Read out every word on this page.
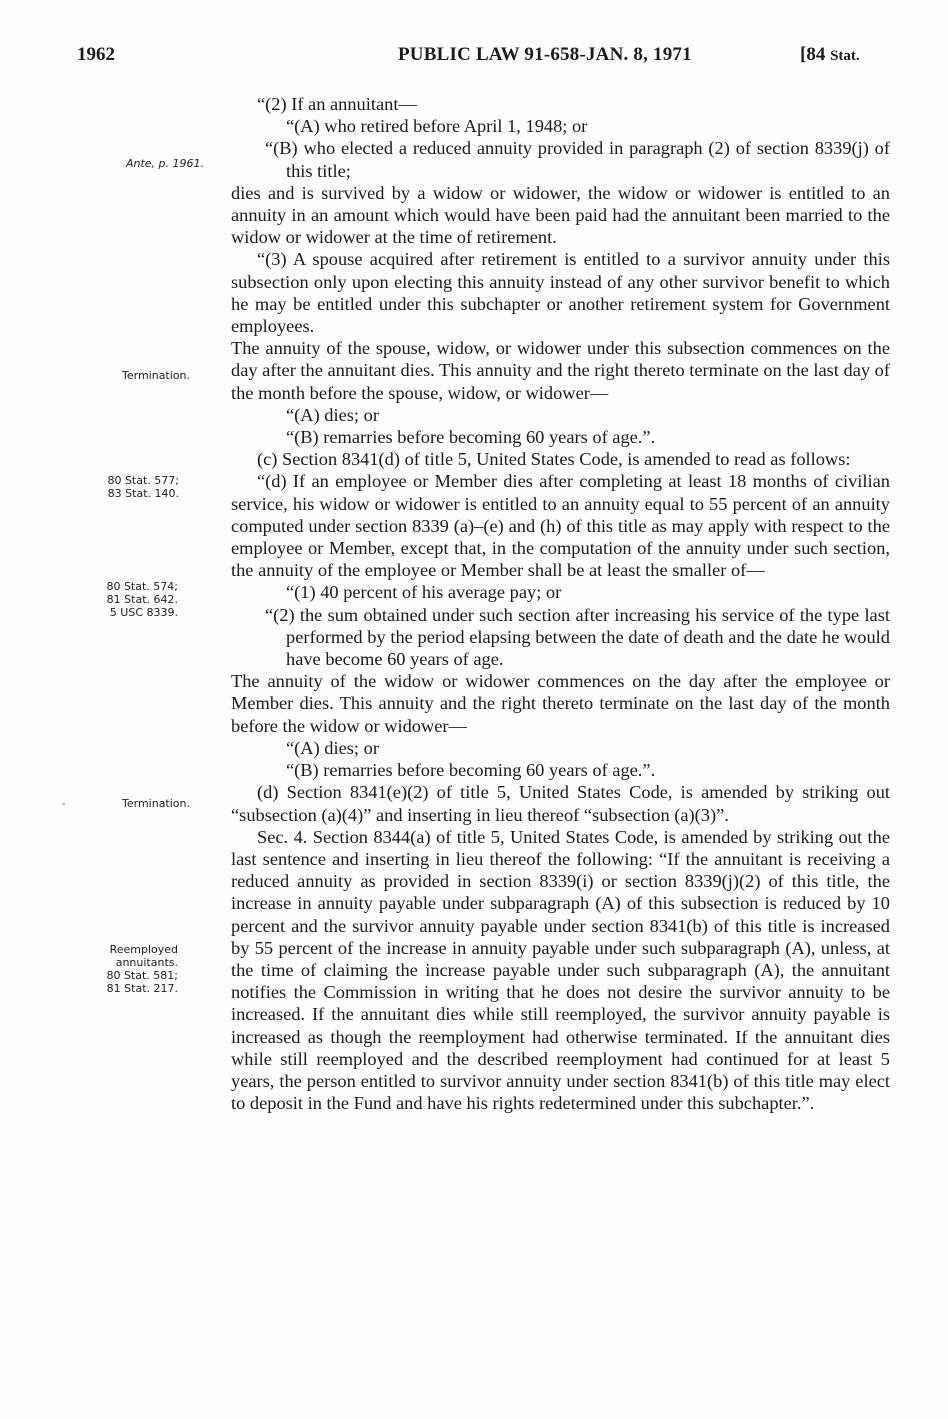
1962	PUBLIC LAW 91-658-JAN. 8, 1971	[84 Stat.
Ante, p. 1961.
Termination.
80 Stat. 577;
83 Stat. 140.
80 Stat. 574;
81 Stat. 642.
5 USC 8339.
-	Termination.
Reemployed
annuitants.
80 Stat. 581;
81 Stat. 217.

“(2) If an annuitant—

“(A) who retired before April 1, 1948; or

“(B) who elected a reduced annuity provided in paragraph (2) of section 8339(j) of this title;

dies and is survived by a widow or widower, the widow or widower is entitled to an annuity in an amount which would have been paid had the annuitant been married to the widow or widower at the time of retirement.

“(3) A spouse acquired after retirement is entitled to a survivor annuity under this subsection only upon electing this annuity instead of any other survivor benefit to which he may be entitled under this subchapter or another retirement system for Government employees.

The annuity of the spouse, widow, or widower under this subsection commences on the day after the annuitant dies. This annuity and the right thereto terminate on the last day of the month before the spouse, widow, or widower—

“(A) dies; or

“(B) remarries before becoming 60 years of age.”.

(c) Section 8341(d) of title 5, United States Code, is amended to read as follows:

“(d) If an employee or Member dies after completing at least 18 months of civilian service, his widow or widower is entitled to an annuity equal to 55 percent of an annuity computed under section 8339 (a)–(e) and (h) of this title as may apply with respect to the employee or Member, except that, in the computation of the annuity under such section, the annuity of the employee or Member shall be at least the smaller of—

“(1) 40 percent of his average pay; or

“(2) the sum obtained under such section after increasing his service of the type last performed by the period elapsing between the date of death and the date he would have become 60 years of age.

The annuity of the widow or widower commences on the day after the employee or Member dies. This annuity and the right thereto terminate on the last day of the month before the widow or widower—

“(A) dies; or

“(B) remarries before becoming 60 years of age.”.

(d) Section 8341(e)(2) of title 5, United States Code, is amended by striking out “subsection (a)(4)” and inserting in lieu thereof “subsection (a)(3)”.

Sec. 4. Section 8344(a) of title 5, United States Code, is amended by striking out the last sentence and inserting in lieu thereof the following: “If the annuitant is receiving a reduced annuity as provided in section 8339(i) or section 8339(j)(2) of this title, the increase in annuity payable under subparagraph (A) of this subsection is reduced by 10 percent and the survivor annuity payable under section 8341(b) of this title is increased by 55 percent of the increase in annuity payable under such subparagraph (A), unless, at the time of claiming the increase payable under such subparagraph (A), the annuitant notifies the Commission in writing that he does not desire the survivor annuity to be increased. If the annuitant dies while still reemployed, the survivor annuity payable is increased as though the reemployment had otherwise terminated. If the annuitant dies while still reemployed and the described reemployment had continued for at least 5 years, the person entitled to survivor annuity under section 8341(b) of this title may elect to deposit in the Fund and have his rights redetermined under this subchapter.”.
